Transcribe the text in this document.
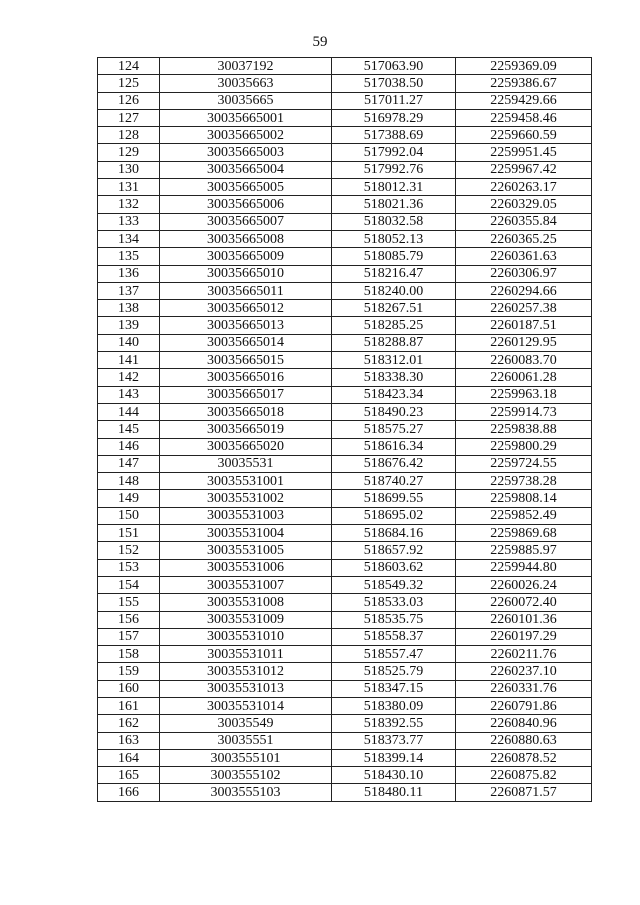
59
124	30037192	517063.90	2259369.09
125	30035663	517038.50	2259386.67
126	30035665	517011.27	2259429.66
127	30035665001	516978.29	2259458.46
128	30035665002	517388.69	2259660.59
129	30035665003	517992.04	2259951.45
130	30035665004	517992.76	2259967.42
131	30035665005	518012.31	2260263.17
132	30035665006	518021.36	2260329.05
133	30035665007	518032.58	2260355.84
134	30035665008	518052.13	2260365.25
135	30035665009	518085.79	2260361.63
136	30035665010	518216.47	2260306.97
137	30035665011	518240.00	2260294.66
138	30035665012	518267.51	2260257.38
139	30035665013	518285.25	2260187.51
140	30035665014	518288.87	2260129.95
141	30035665015	518312.01	2260083.70
142	30035665016	518338.30	2260061.28
143	30035665017	518423.34	2259963.18
144	30035665018	518490.23	2259914.73
145	30035665019	518575.27	2259838.88
146	30035665020	518616.34	2259800.29
147	30035531	518676.42	2259724.55
148	30035531001	518740.27	2259738.28
149	30035531002	518699.55	2259808.14
150	30035531003	518695.02	2259852.49
151	30035531004	518684.16	2259869.68
152	30035531005	518657.92	2259885.97
153	30035531006	518603.62	2259944.80
154	30035531007	518549.32	2260026.24
155	30035531008	518533.03	2260072.40
156	30035531009	518535.75	2260101.36
157	30035531010	518558.37	2260197.29
158	30035531011	518557.47	2260211.76
159	30035531012	518525.79	2260237.10
160	30035531013	518347.15	2260331.76
161	30035531014	518380.09	2260791.86
162	30035549	518392.55	2260840.96
163	30035551	518373.77	2260880.63
164	3003555101	518399.14	2260878.52
165	3003555102	518430.10	2260875.82
166	3003555103	518480.11	2260871.57
